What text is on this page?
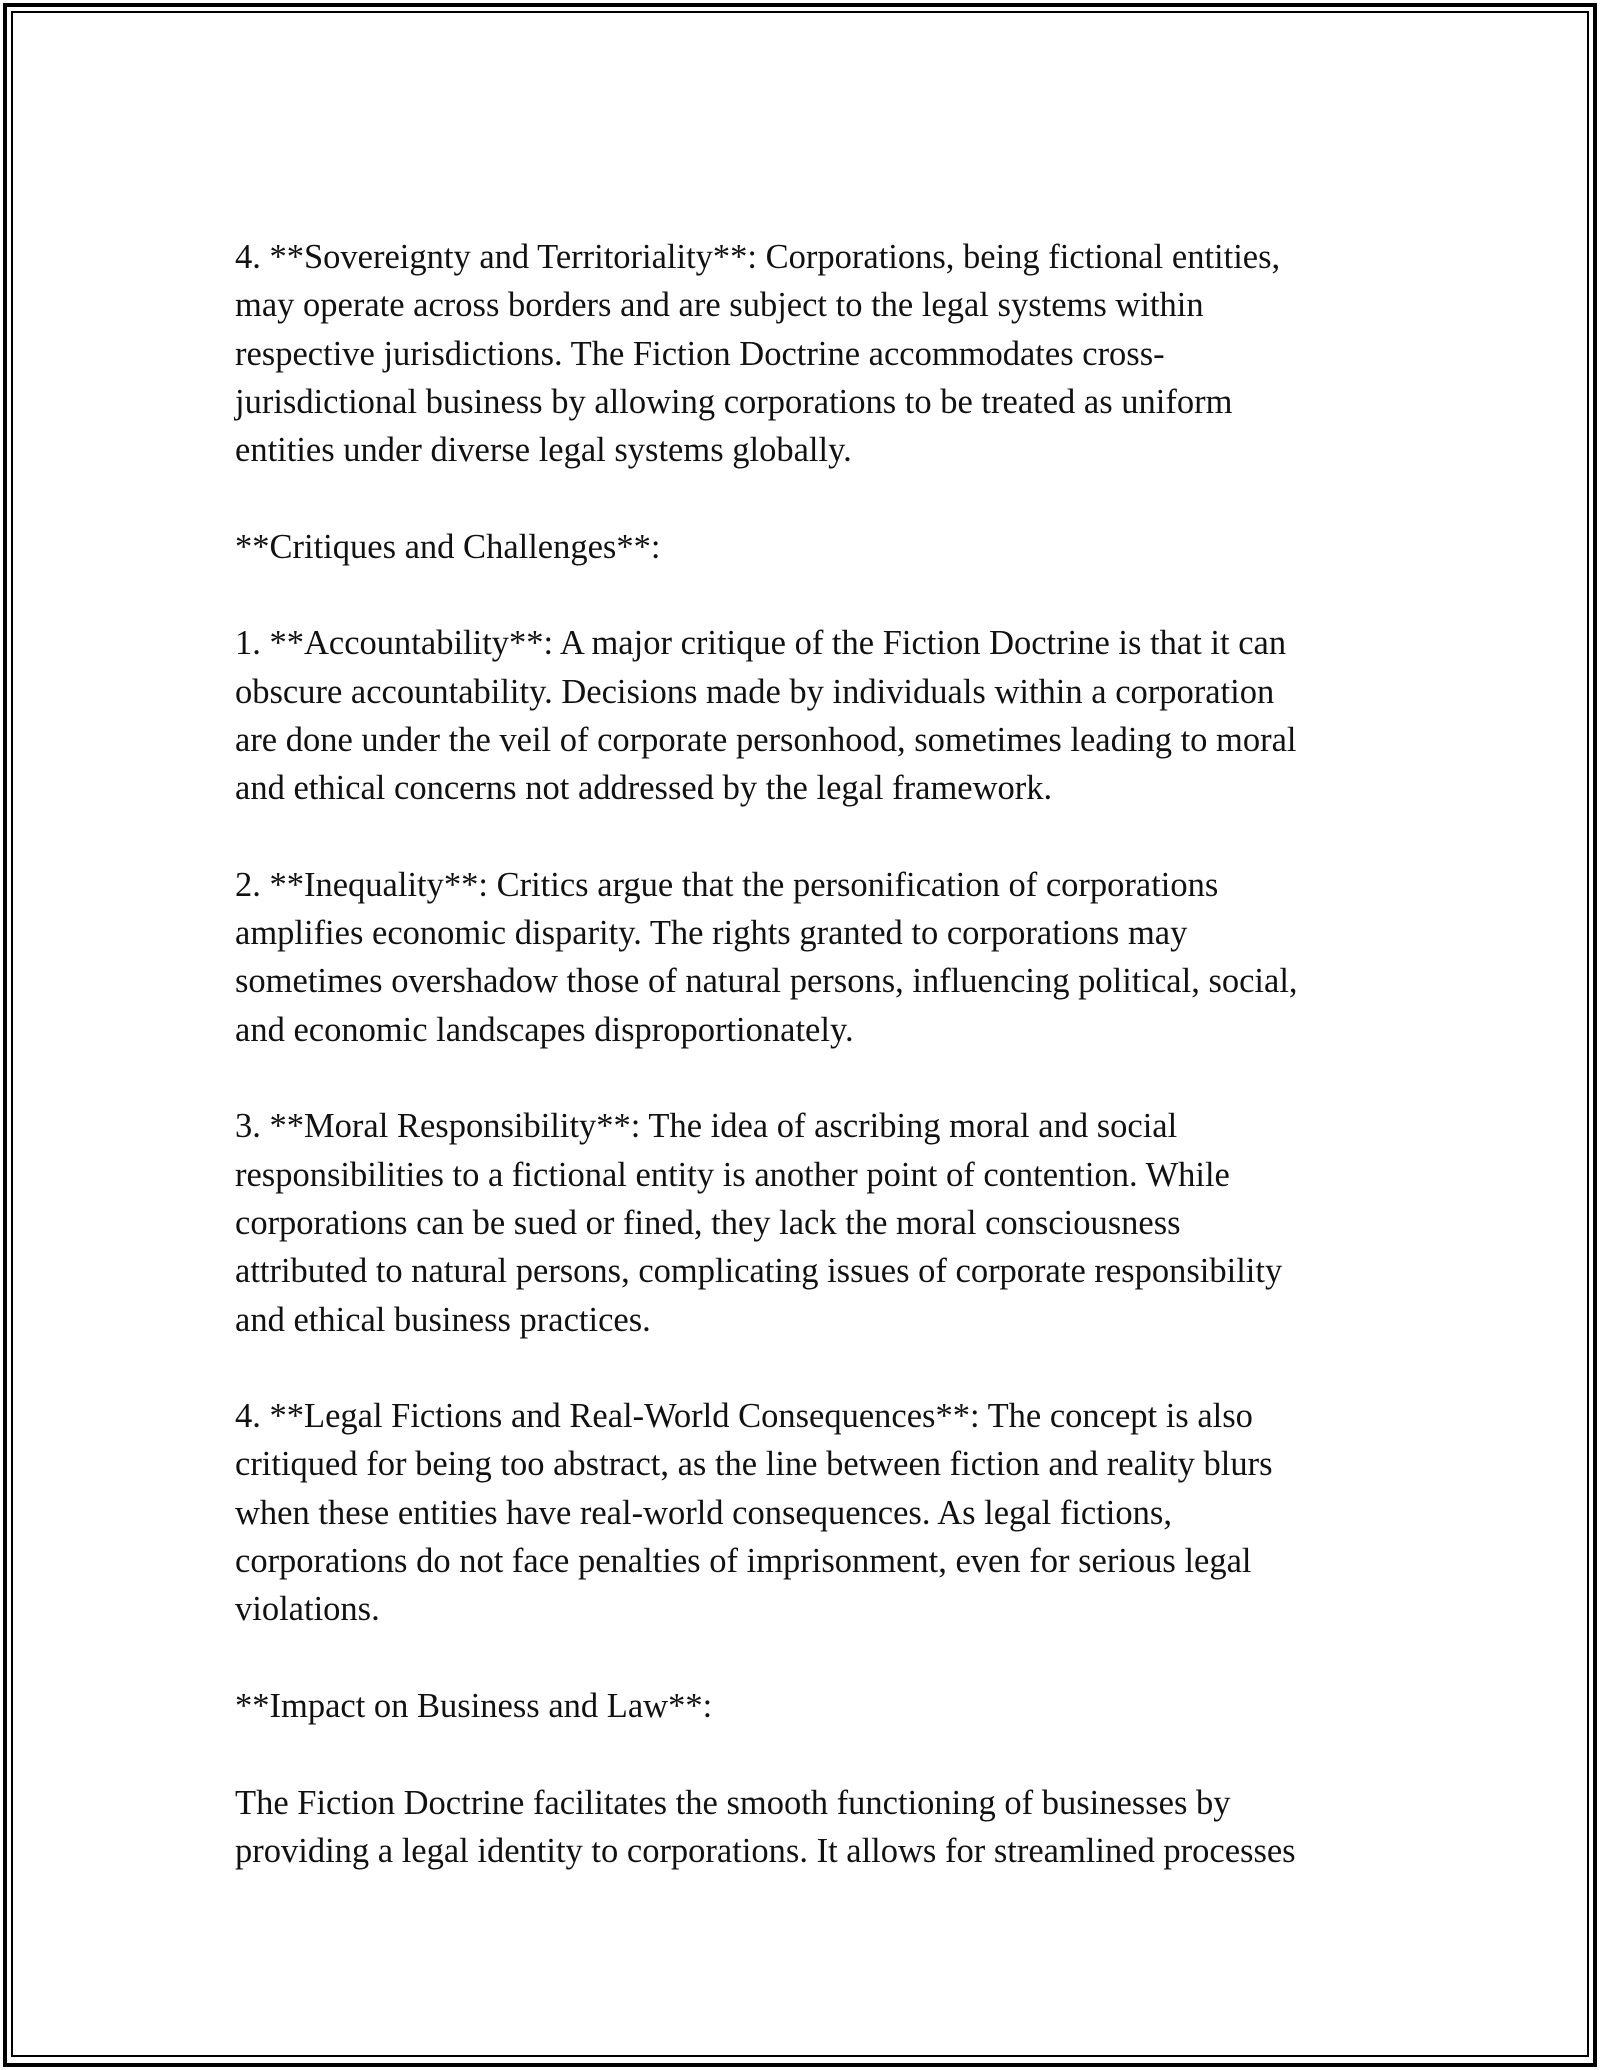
4. **Sovereignty and Territoriality**: Corporations, being fictional entities,
may operate across borders and are subject to the legal systems within
respective jurisdictions. The Fiction Doctrine accommodates cross-
jurisdictional business by allowing corporations to be treated as uniform
entities under diverse legal systems globally.

**Critiques and Challenges**:

1. **Accountability**: A major critique of the Fiction Doctrine is that it can
obscure accountability. Decisions made by individuals within a corporation
are done under the veil of corporate personhood, sometimes leading to moral
and ethical concerns not addressed by the legal framework.

2. **Inequality**: Critics argue that the personification of corporations
amplifies economic disparity. The rights granted to corporations may
sometimes overshadow those of natural persons, influencing political, social,
and economic landscapes disproportionately.

3. **Moral Responsibility**: The idea of ascribing moral and social
responsibilities to a fictional entity is another point of contention. While
corporations can be sued or fined, they lack the moral consciousness
attributed to natural persons, complicating issues of corporate responsibility
and ethical business practices.

4. **Legal Fictions and Real-World Consequences**: The concept is also
critiqued for being too abstract, as the line between fiction and reality blurs
when these entities have real-world consequences. As legal fictions,
corporations do not face penalties of imprisonment, even for serious legal
violations.

**Impact on Business and Law**:

The Fiction Doctrine facilitates the smooth functioning of businesses by
providing a legal identity to corporations. It allows for streamlined processes
